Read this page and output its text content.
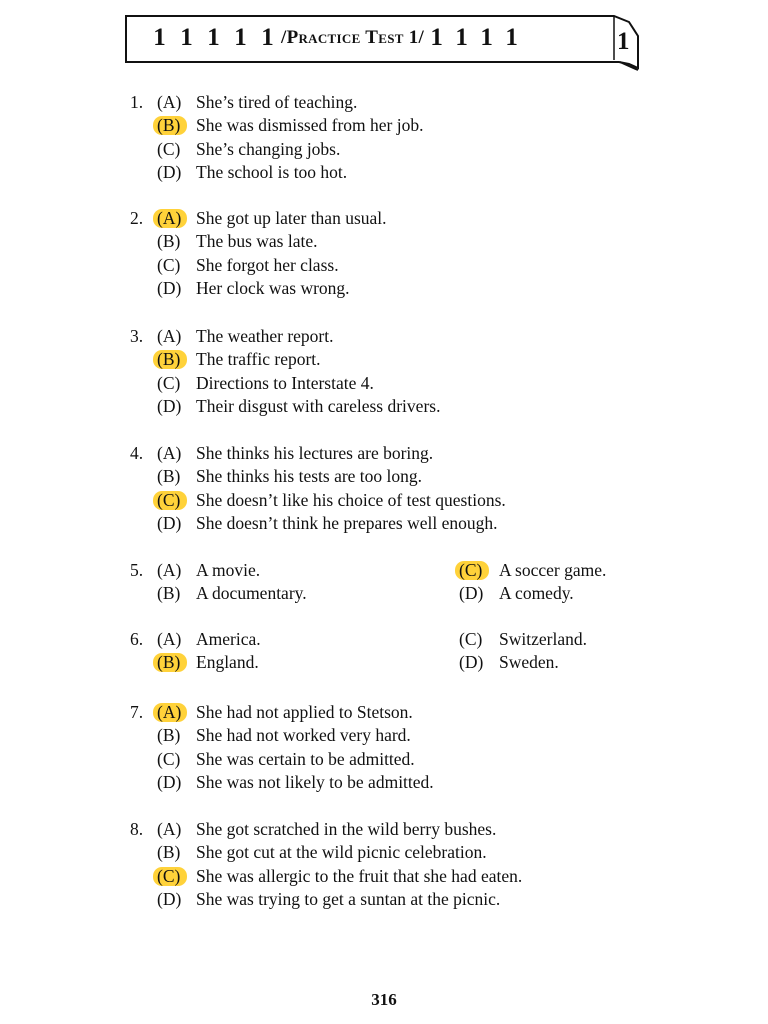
1 1 1 1 1 /Practice Test 1/ 1 1 1 1	1
1. (A) She’s tired of teaching.
(B) She was dismissed from her job.
(C) She’s changing jobs.
(D) The school is too hot.
2. (A) She got up later than usual.
(B) The bus was late.
(C) She forgot her class.
(D) Her clock was wrong.
3. (A) The weather report.
(B) The traffic report.
(C) Directions to Interstate 4.
(D) Their disgust with careless drivers.
4. (A) She thinks his lectures are boring.
(B) She thinks his tests are too long.
(C) She doesn’t like his choice of test questions.
(D) She doesn’t think he prepares well enough.
5. (A) A movie.
(B) A documentary.
(C) A soccer game.
(D) A comedy.
6. (A) America.
(B) England.
(C) Switzerland.
(D) Sweden.
7. (A) She had not applied to Stetson.
(B) She had not worked very hard.
(C) She was certain to be admitted.
(D) She was not likely to be admitted.
8. (A) She got scratched in the wild berry bushes.
(B) She got cut at the wild picnic celebration.
(C) She was allergic to the fruit that she had eaten.
(D) She was trying to get a suntan at the picnic.
316
